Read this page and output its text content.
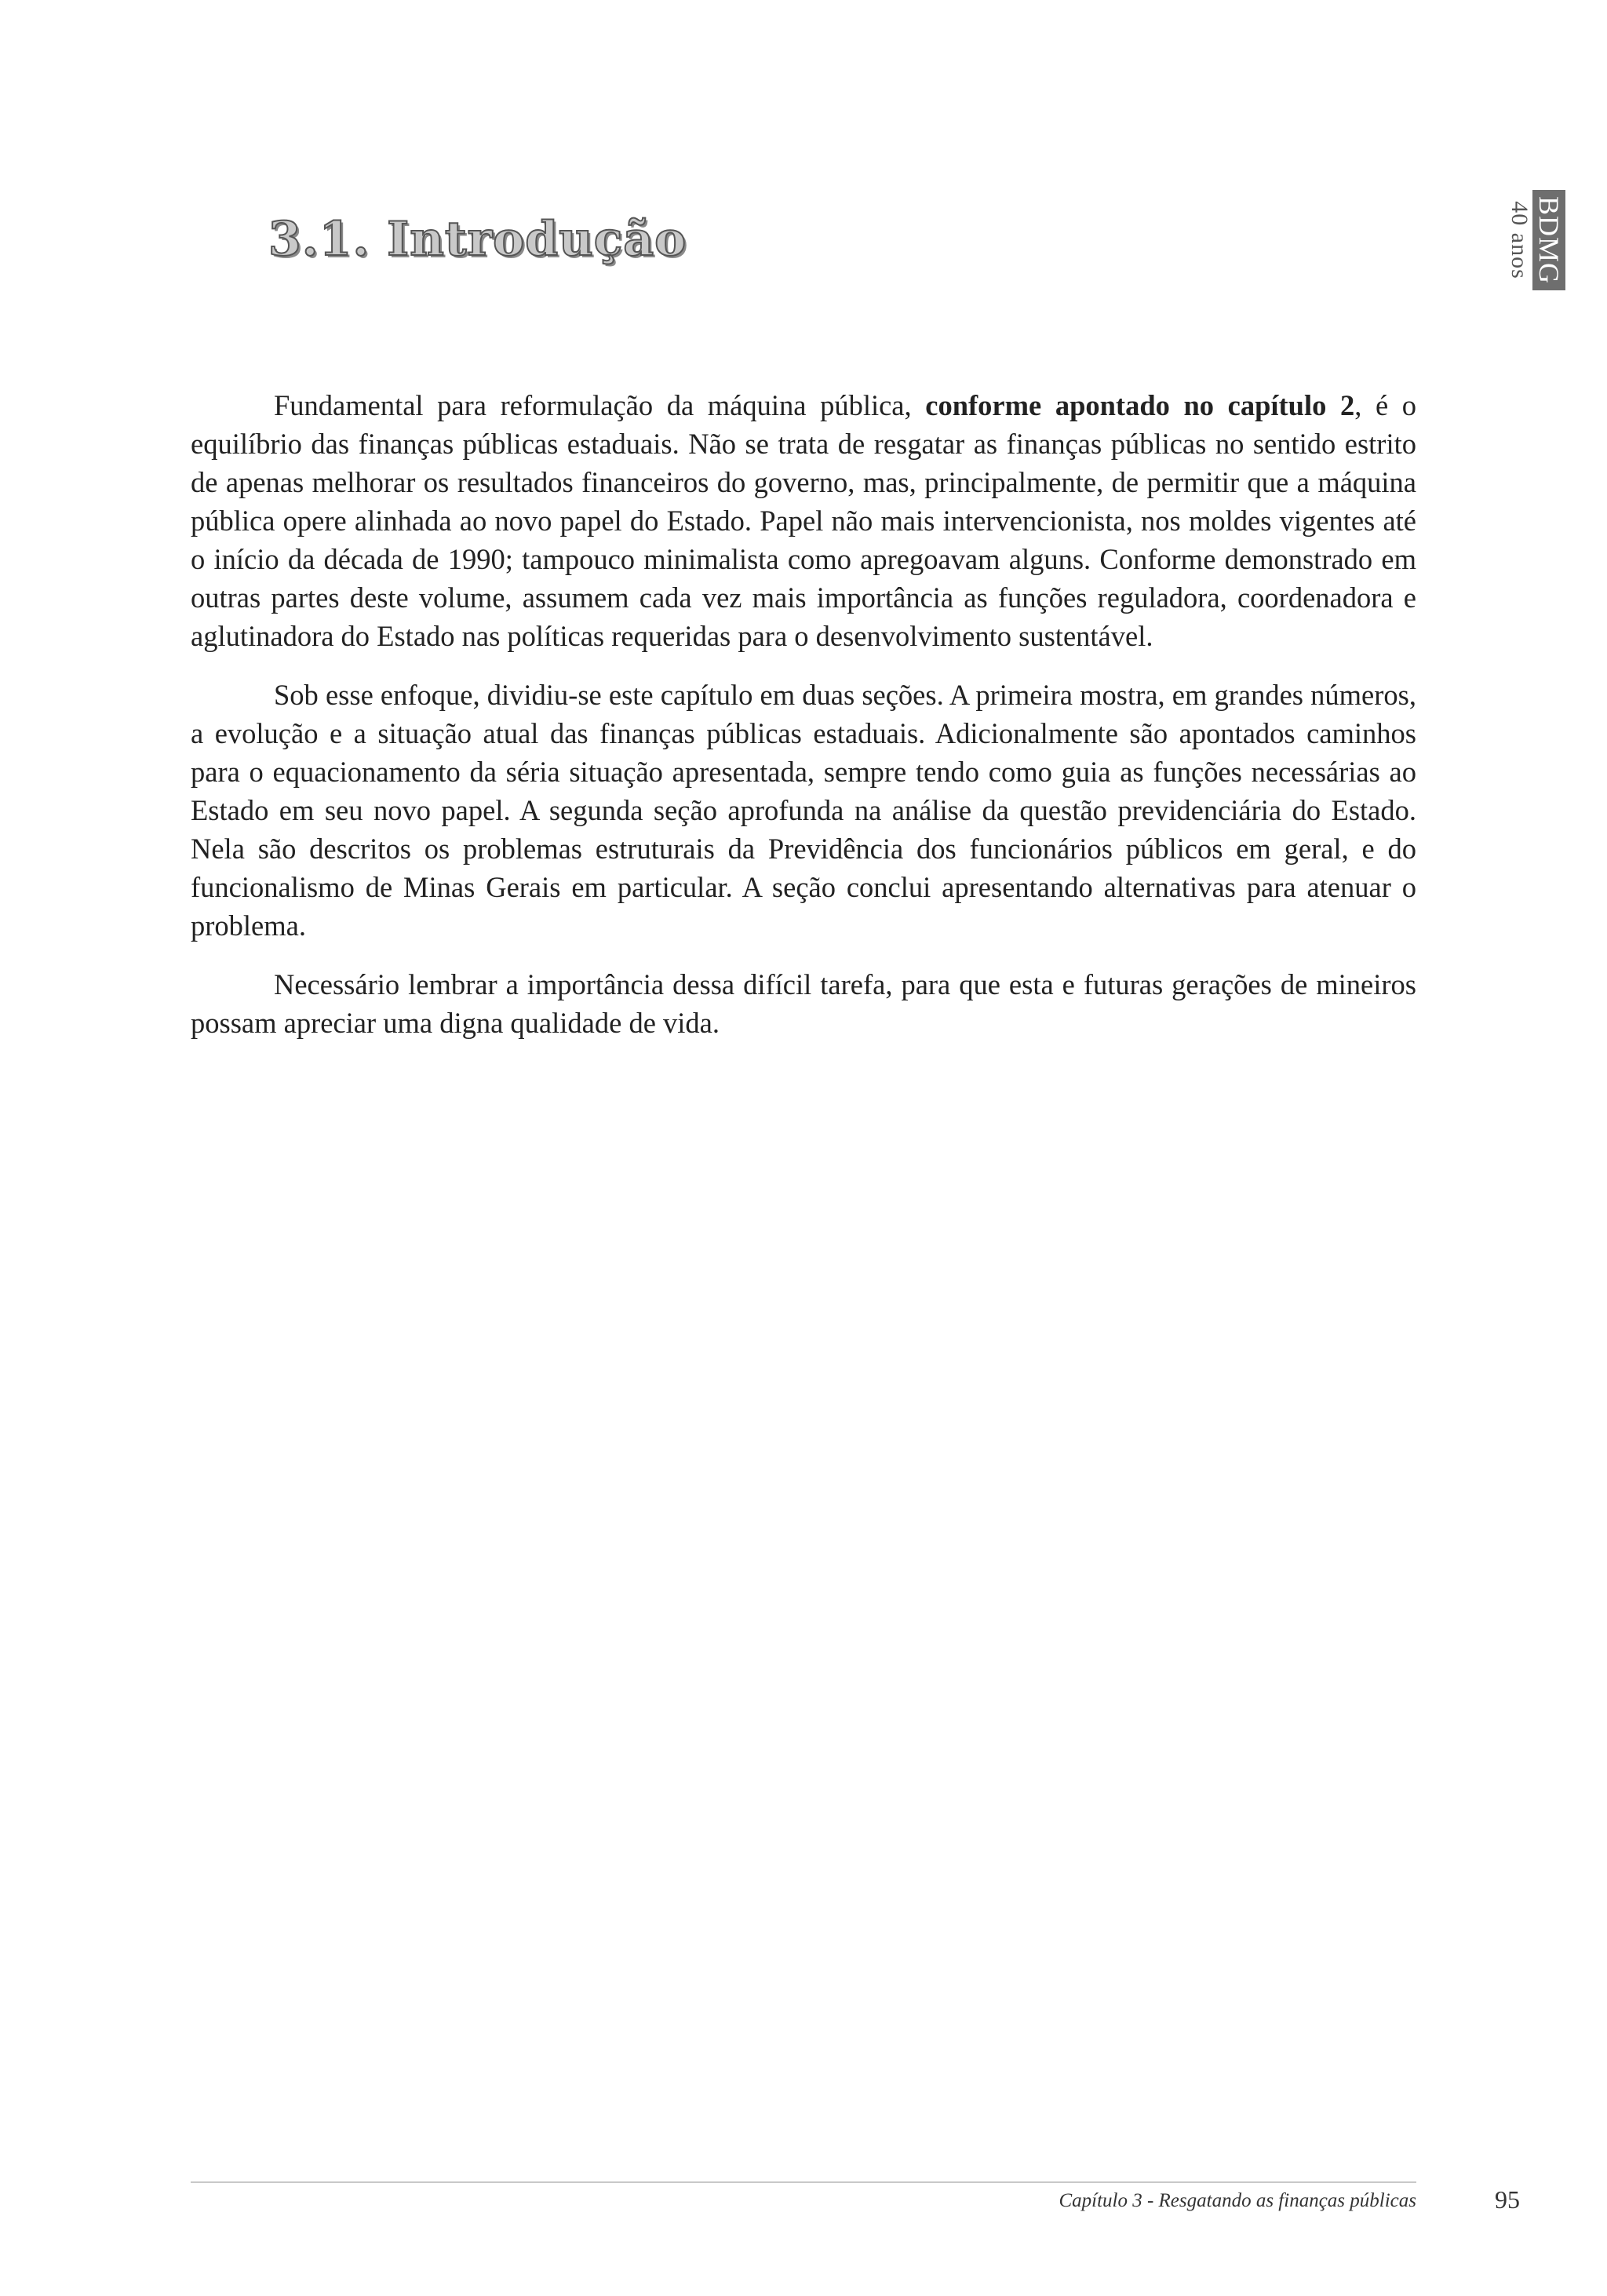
3.1. Introdução	BDMG
40 anos

Fundamental para reformulação da máquina pública, conforme apontado no capítulo 2, é o equilíbrio das finanças públicas estaduais. Não se trata de resgatar as finanças públicas no sentido estrito de apenas melhorar os resultados financeiros do governo, mas, principalmente, de permitir que a máquina pública opere alinhada ao novo papel do Estado. Papel não mais intervencionista, nos moldes vigentes até o início da década de 1990; tampouco minimalista como apregoavam alguns. Conforme demonstrado em outras partes deste volume, assumem cada vez mais importância as funções reguladora, coordenadora e aglutinadora do Estado nas políticas requeridas para o desenvolvimento sustentável.

Sob esse enfoque, dividiu-se este capítulo em duas seções. A primeira mostra, em grandes números, a evolução e a situação atual das finanças públicas estaduais. Adicionalmente são apontados caminhos para o equacionamento da séria situação apresentada, sempre tendo como guia as funções necessárias ao Estado em seu novo papel. A segunda seção aprofunda na análise da questão previdenciária do Estado. Nela são descritos os problemas estruturais da Previdência dos funcionários públicos em geral, e do funcionalismo de Minas Gerais em particular. A seção conclui apresentando alternativas para atenuar o problema.

Necessário lembrar a importância dessa difícil tarefa, para que esta e futuras gerações de mineiros possam apreciar uma digna qualidade de vida.

Capítulo 3 - Resgatando as finanças públicas	95
